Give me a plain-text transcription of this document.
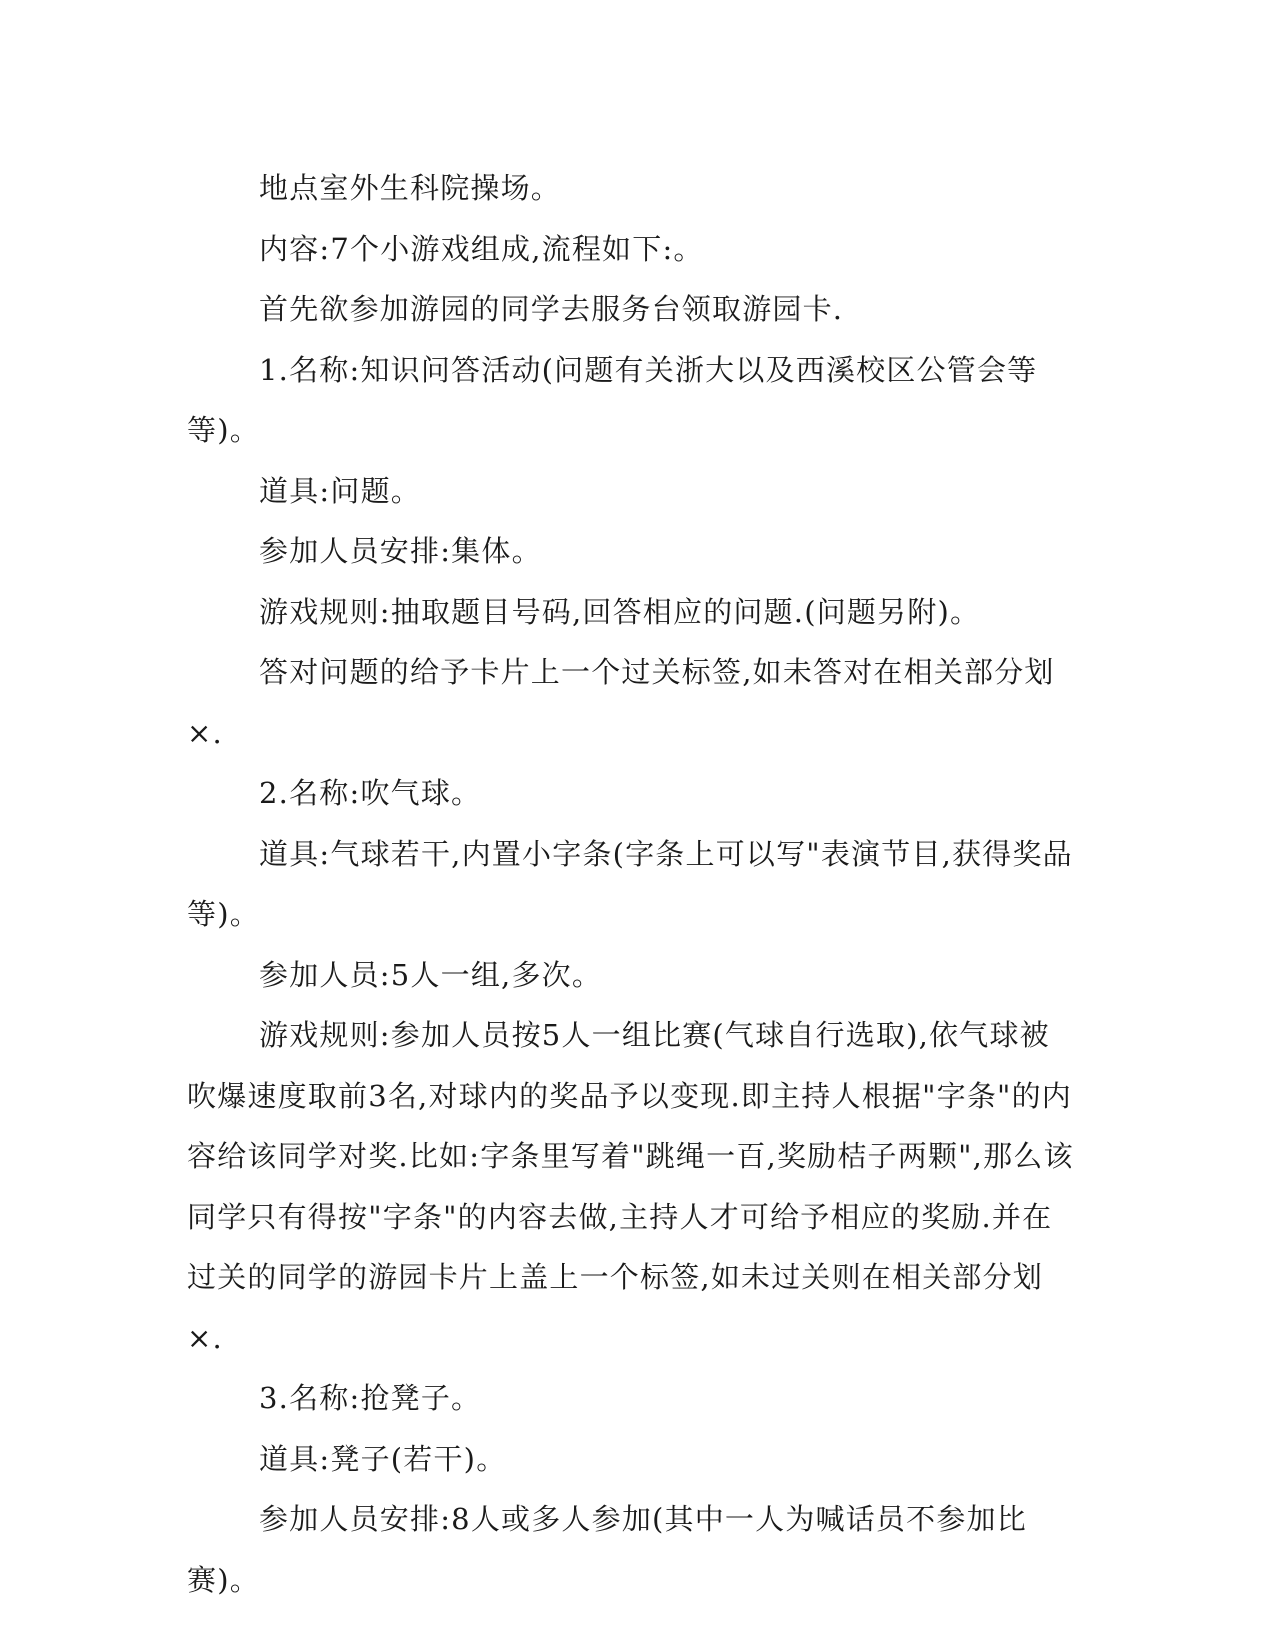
地点室外生科院操场。

内容:7个小游戏组成,流程如下:。

首先欲参加游园的同学去服务台领取游园卡.

1.名称:知识问答活动(问题有关浙大以及西溪校区公管会等等)。

道具:问题。

参加人员安排:集体。

游戏规则:抽取题目号码,回答相应的问题.(问题另附)。

答对问题的给予卡片上一个过关标签,如未答对在相关部分划×.

2.名称:吹气球。

道具:气球若干,内置小字条(字条上可以写"表演节目,获得奖品等)。

参加人员:5人一组,多次。

游戏规则:参加人员按5人一组比赛(气球自行选取),依气球被吹爆速度取前3名,对球内的奖品予以变现.即主持人根据"字条"的内容给该同学对奖.比如:字条里写着"跳绳一百,奖励桔子两颗",那么该同学只有得按"字条"的内容去做,主持人才可给予相应的奖励.并在过关的同学的游园卡片上盖上一个标签,如未过关则在相关部分划×.

3.名称:抢凳子。

道具:凳子(若干)。

参加人员安排:8人或多人参加(其中一人为喊话员不参加比赛)。
